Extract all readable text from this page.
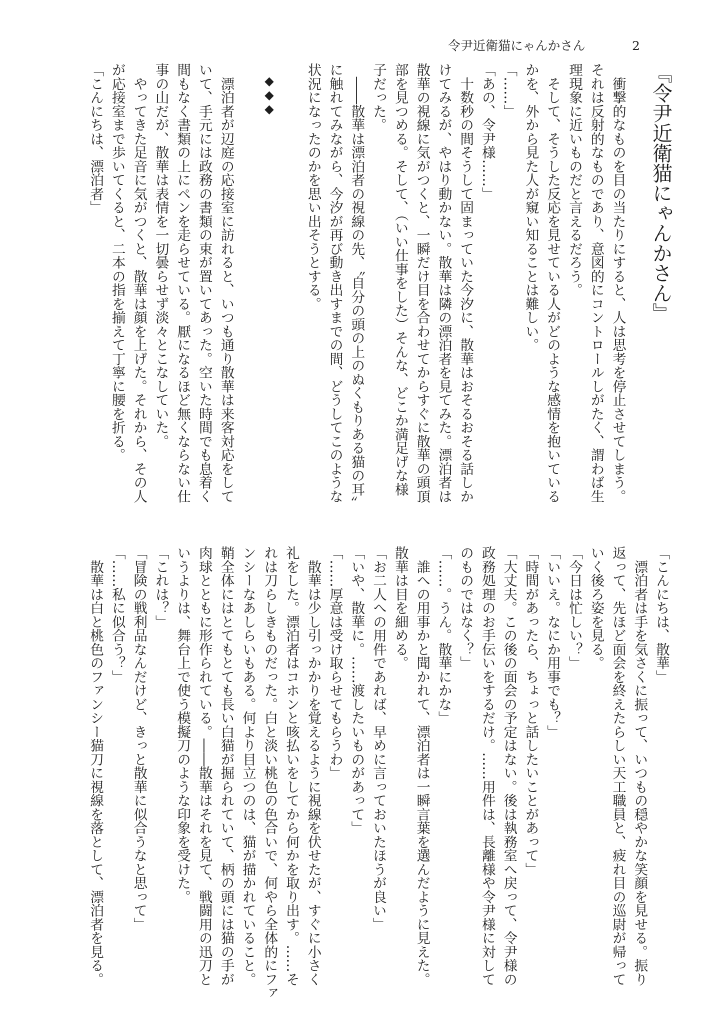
令尹近衛猫にゃんかさん	2
『令尹近衛猫にゃんかさん』
　衝撃的なものを目の当たりにすると、人は思考を停止させてしまう。
それは反射的なものであり、意図的にコントロールしがたく、謂わば生
理現象に近いものだと言えるだろう。
　そして、そうした反応を見せている人がどのような感情を抱いている
かを、外から見た人が窺い知ることは難しい。
「……」
「あの、令尹様……」
　十数秒の間そうして固まっていた今汐に、散華はおそるおそる話しか
けてみるが、やはり動かない。散華は隣の漂泊者を見てみた。漂泊者は
散華の視線に気がつくと、一瞬だけ目を合わせてからすぐに散華の頭頂
部を見つめる。そして、（いい仕事をした）そんな、どこか満足げな様
子だった。
　――散華は漂泊者の視線の先、〝自分の頭の上のぬくもりある猫の耳〟
に触れてみながら、今汐が再び動き出すまでの間、どうしてこのような
状況になったのかを思い出そうとする。
◆◆◆
　漂泊者が辺庭の応接室に訪れると、いつも通り散華は来客対応をして
いて、手元には政務の書類の束が置いてあった。空いた時間でも息着く
間もなく書類の上にペンを走らせている。厭になるほど無くならない仕
事の山だが、散華は表情を一切曇らせず淡々とこなしていた。
　やってきた足音に気がつくと、散華は顔を上げた。それから、その人
が応接室まで歩いてくると、二本の指を揃えて丁寧に腰を折る。
「こんにちは、漂泊者」
「こんにちは、散華」
　漂泊者は手を気さくに振って、いつもの穏やかな笑顔を見せる。振り
返って、先ほど面会を終えたらしい天工職員と、疲れ目の巡尉が帰って
いく後ろ姿を見る。
「今日は忙しい？」
「いいえ。なにか用事でも？」
「時間があったら、ちょっと話したいことがあって」
「大丈夫。この後の面会の予定はない。後は執務室へ戻って、令尹様の
政務処理のお手伝いをするだけ。……用件は、長離様や令尹様に対して
のものではなく？」
「……。うん。散華にかな」
　誰への用事かと聞かれて、漂泊者は一瞬言葉を選んだように見えた。
散華は目を細める。
「お二人への用件であれば、早めに言っておいたほうが良い」
「いや、散華に。……渡したいものがあって」
「……厚意は受け取らせてもらうわ」
　散華は少し引っかかりを覚えるように視線を伏せたが、すぐに小さく
礼をした。漂泊者はコホンと咳払いをしてから何かを取り出す。……そ
れは刀らしきものだった。白と淡い桃色の色合いで、何やら全体的にファ
ンシーなあしらいもある。何より目立つのは、猫が描かれていること。
鞘全体にはとてもとても長い白猫が掘られていて、柄の頭には猫の手が
肉球とともに形作られている。――散華はそれを見て、戦闘用の迅刀と
いうよりは、舞台上で使う模擬刀のような印象を受けた。
「これは？」
「冒険の戦利品なんだけど、きっと散華に似合うなと思って」
「……私に似合う？」
　散華は白と桃色のファンシー猫刀に視線を落として、漂泊者を見る。
